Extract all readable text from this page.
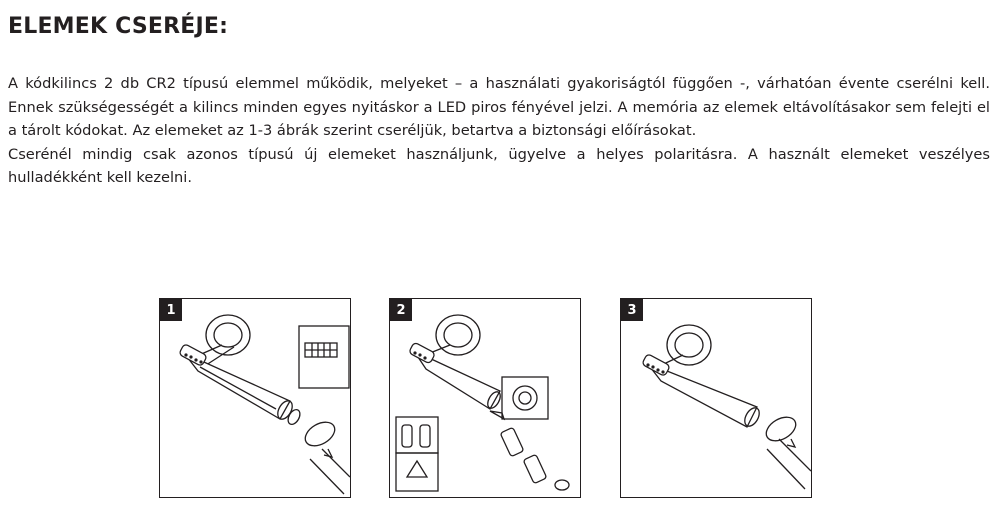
ELEMEK CSERÉJE:

A kódkilincs 2 db CR2 típusú elemmel működik, melyeket – a használati gyakoriságtól függően -, várhatóan évente cserélni kell. Ennek szükségességét a kilincs minden egyes nyitáskor a LED piros fényével jelzi. A memória az elemek eltávolításakor sem felejti el a tárolt kódokat. Az elemeket az 1-3 ábrák szerint cseréljük, betartva a biztonsági előírásokat.

Cserénél mindig csak azonos típusú új elemeket használjunk, ügyelve a helyes polaritásra. A használt elemeket veszélyes hulladékként kell kezelni.

1	2	3
